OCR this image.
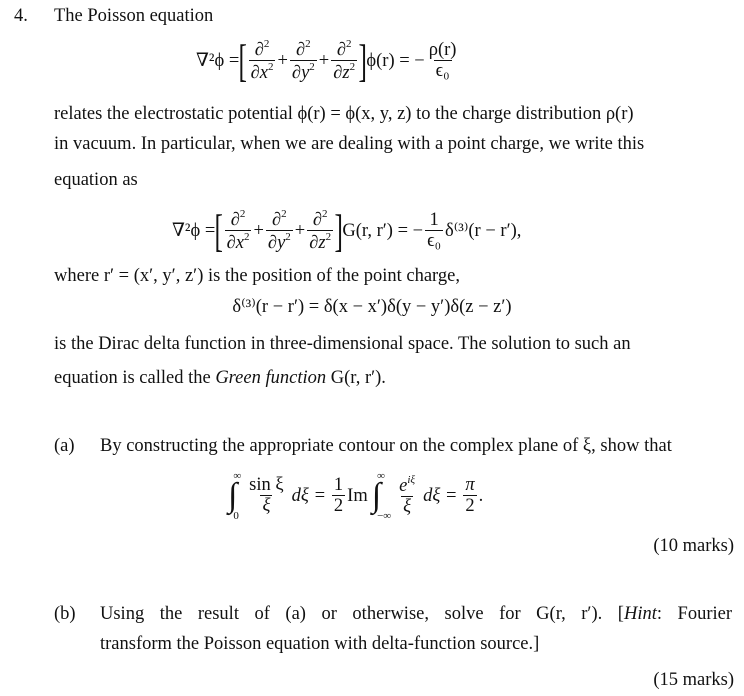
4. The Poisson equation
∇²ϕ = [ $\frac{\partial^2}{\partial x^2} + \frac{\partial^2}{\partial y^2} + \frac{\partial^2}{\partial z^2}$ ] ϕ(r) = − $\frac{\rho(r)}{\text{ϵ₀}}$
relates the electrostatic potential ϕ(r) = ϕ(x, y, z) to the charge distribution ρ(r)
in vacuum. In particular, when we are dealing with a point charge, we write this
equation as
∇²ϕ = [ $\frac{\partial^2}{\partial x^2} + \frac{\partial^2}{\partial y^2} + \frac{\partial^2}{\partial z^2}$ ] G(r, r′) = − $\frac{1}{\text{ϵ₀}} \delta^{(3)}(r - r')$,
where r′ = (x′, y′, z′) is the position of the point charge,
δ⁽³⁾(r − r′) = δ(x − x′)δ(y − y′)δ(z − z′)
is the Dirac delta function in three-dimensional space. The solution to such an
equation is called the Green function G(r, r′).
(a) By constructing the appropriate contour on the complex plane of ξ, show that
∫
∞
$0 \frac{\text{sin ξ}}{\xi}$ $d\xi = \frac{1}{2}$ Im ∫
∞
−∞ $\frac{e^{i\xi}}{\xi}$ $d\xi = \frac{\pi}{2}$ .
(10 marks)
(b) Using the result of (a) or otherwise, solve for G(r, r′). [Hint: Fourier
transform the Poisson equation with delta-function source.]
(15 marks)
